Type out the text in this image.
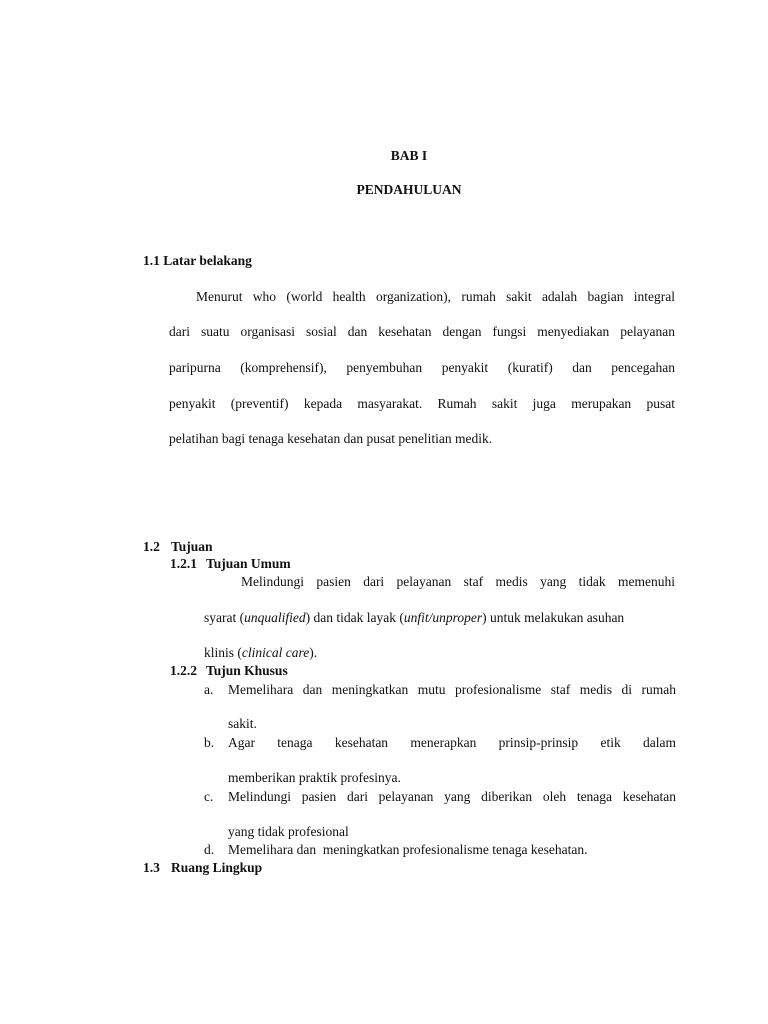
BAB I
PENDAHULUAN
1.1 Latar belakang
Menurut who (world health organization), rumah sakit adalah bagian integral
dari suatu organisasi sosial dan kesehatan dengan fungsi menyediakan pelayanan
paripurna (komprehensif), penyembuhan penyakit (kuratif) dan pencegahan
penyakit (preventif) kepada masyarakat. Rumah sakit juga merupakan pusat
pelatihan bagi tenaga kesehatan dan pusat penelitian medik.
1.2 Tujuan
1.2.1 Tujuan Umum
Melindungi pasien dari pelayanan staf medis yang tidak memenuhi
syarat (unqualified) dan tidak layak (unfit/unproper) untuk melakukan asuhan
klinis (clinical care).
1.2.2 Tujun Khusus
a. Memelihara dan meningkatkan mutu profesionalisme staf medis di rumah
sakit.
b. Agar tenaga kesehatan menerapkan prinsip-prinsip etik dalam
memberikan praktik profesinya.
c. Melindungi pasien dari pelayanan yang diberikan oleh tenaga kesehatan
yang tidak profesional
d. Memelihara dan  meningkatkan profesionalisme tenaga kesehatan.
1.3 Ruang Lingkup
